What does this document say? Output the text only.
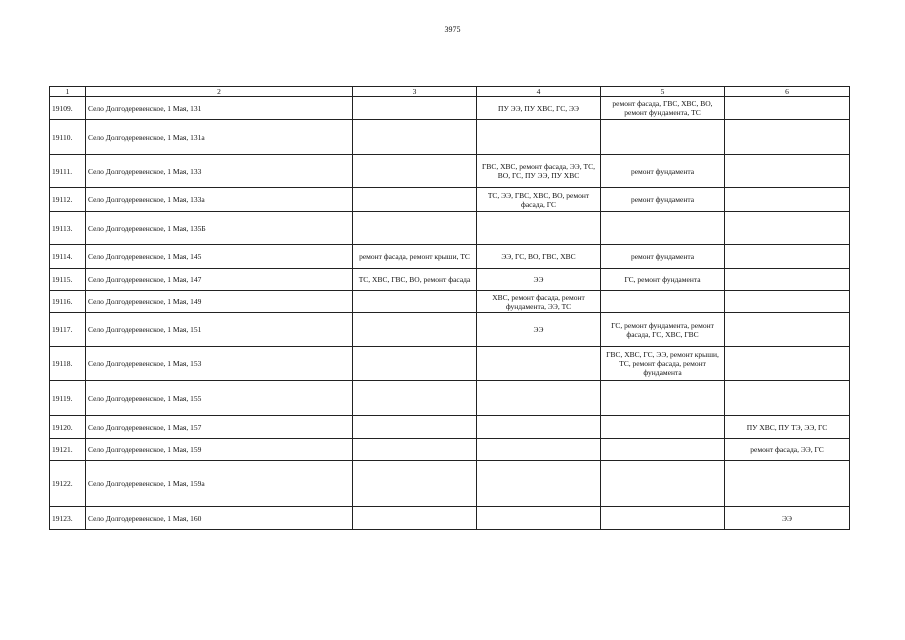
3975
1	2	3	4	5	6
19109.	Село Долгодеревенское, 1 Мая, 131		ПУ ЭЭ, ПУ ХВС, ГС, ЭЭ	ремонт фасада, ГВС, ХВС, ВО, ремонт фундамента, ТС	
19110.	Село Долгодеревенское, 1 Мая, 131а				
19111.	Село Долгодеревенское, 1 Мая, 133		ГВС, ХВС, ремонт фасада, ЭЭ, ТС, ВО, ГС, ПУ ЭЭ, ПУ ХВС	ремонт фундамента	
19112.	Село Долгодеревенское, 1 Мая, 133а		ТС, ЭЭ, ГВС, ХВС, ВО, ремонт фасада, ГС	ремонт фундамента	
19113.	Село Долгодеревенское, 1 Мая, 135Б				
19114.	Село Долгодеревенское, 1 Мая, 145	ремонт фасада, ремонт крыши, ТС	ЭЭ, ГС, ВО, ГВС, ХВС	ремонт фундамента	
19115.	Село Долгодеревенское, 1 Мая, 147	ТС, ХВС, ГВС, ВО, ремонт фасада	ЭЭ	ГС, ремонт фундамента	
19116.	Село Долгодеревенское, 1 Мая, 149		ХВС, ремонт фасада, ремонт фундамента, ЭЭ, ТС		
19117.	Село Долгодеревенское, 1 Мая, 151		ЭЭ	ГС, ремонт фундамента, ремонт фасада, ГС, ХВС, ГВС	
19118.	Село Долгодеревенское, 1 Мая, 153			ГВС, ХВС, ГС, ЭЭ, ремонт крыши, ТС, ремонт фасада, ремонт фундамента	
19119.	Село Долгодеревенское, 1 Мая, 155				
19120.	Село Долгодеревенское, 1 Мая, 157				ПУ ХВС, ПУ ТЭ, ЭЭ, ГС
19121.	Село Долгодеревенское, 1 Мая, 159				ремонт фасада, ЭЭ, ГС
19122.	Село Долгодеревенское, 1 Мая, 159а				
19123.	Село Долгодеревенское, 1 Мая, 160				ЭЭ
